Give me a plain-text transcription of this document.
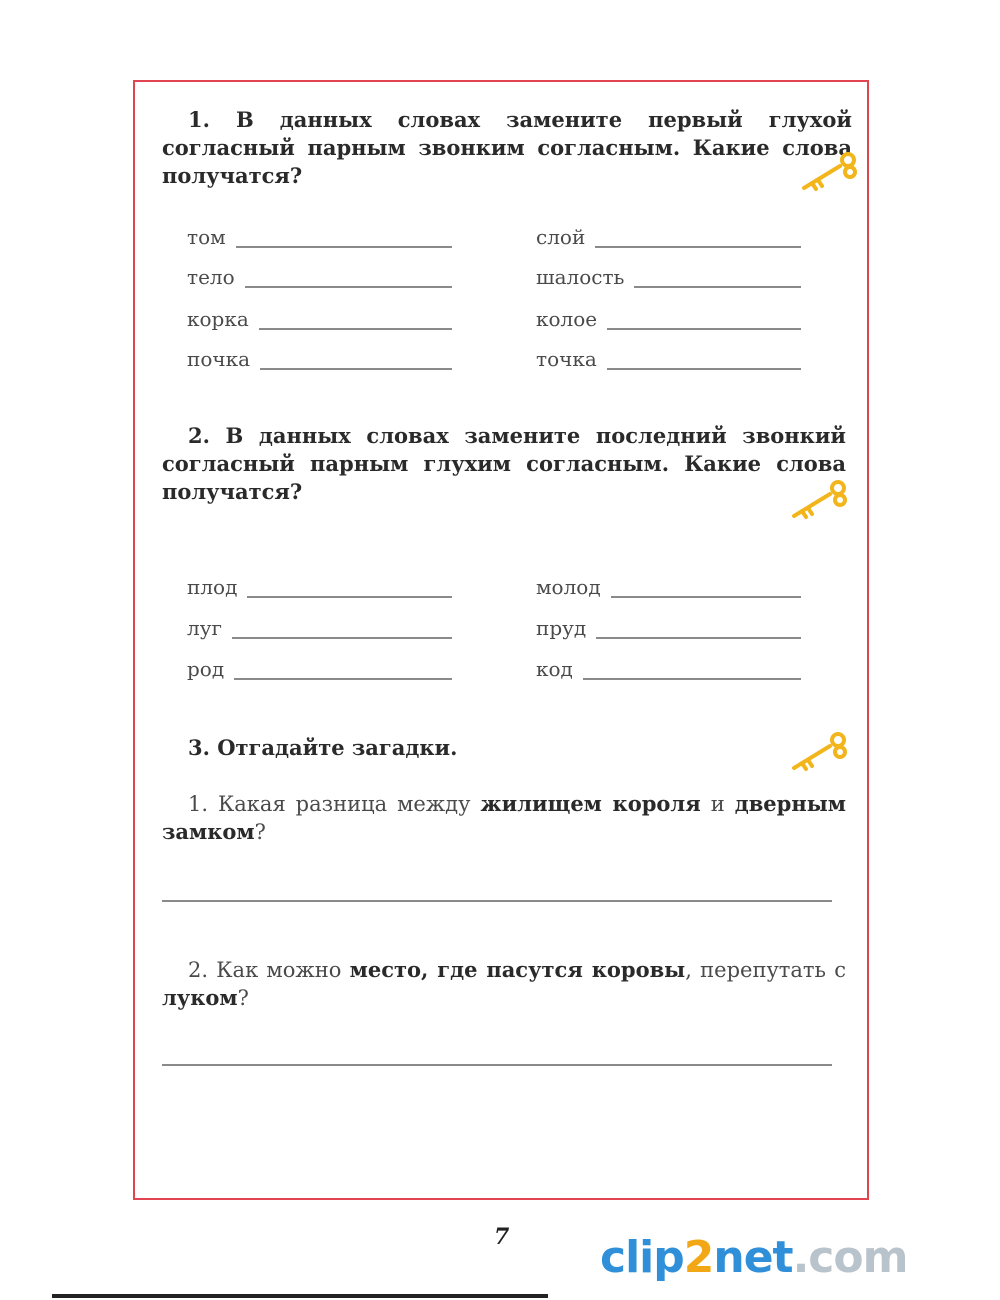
1. В данных словах замените первый глухой согласный парным звонким согласным. Какие слова получатся?
том
тело
корка
почка
слой
шалость
колое
точка
2. В данных словах замените последний звонкий согласный парным глухим согласным. Какие слова получатся?
плод
луг
род
молод
пруд
код
3. Отгадайте загадки.
1. Какая разница между жилищем короля и дверным замком?
2. Как можно место, где пасутся коровы, перепутать с луком?
7 clip2net.com
